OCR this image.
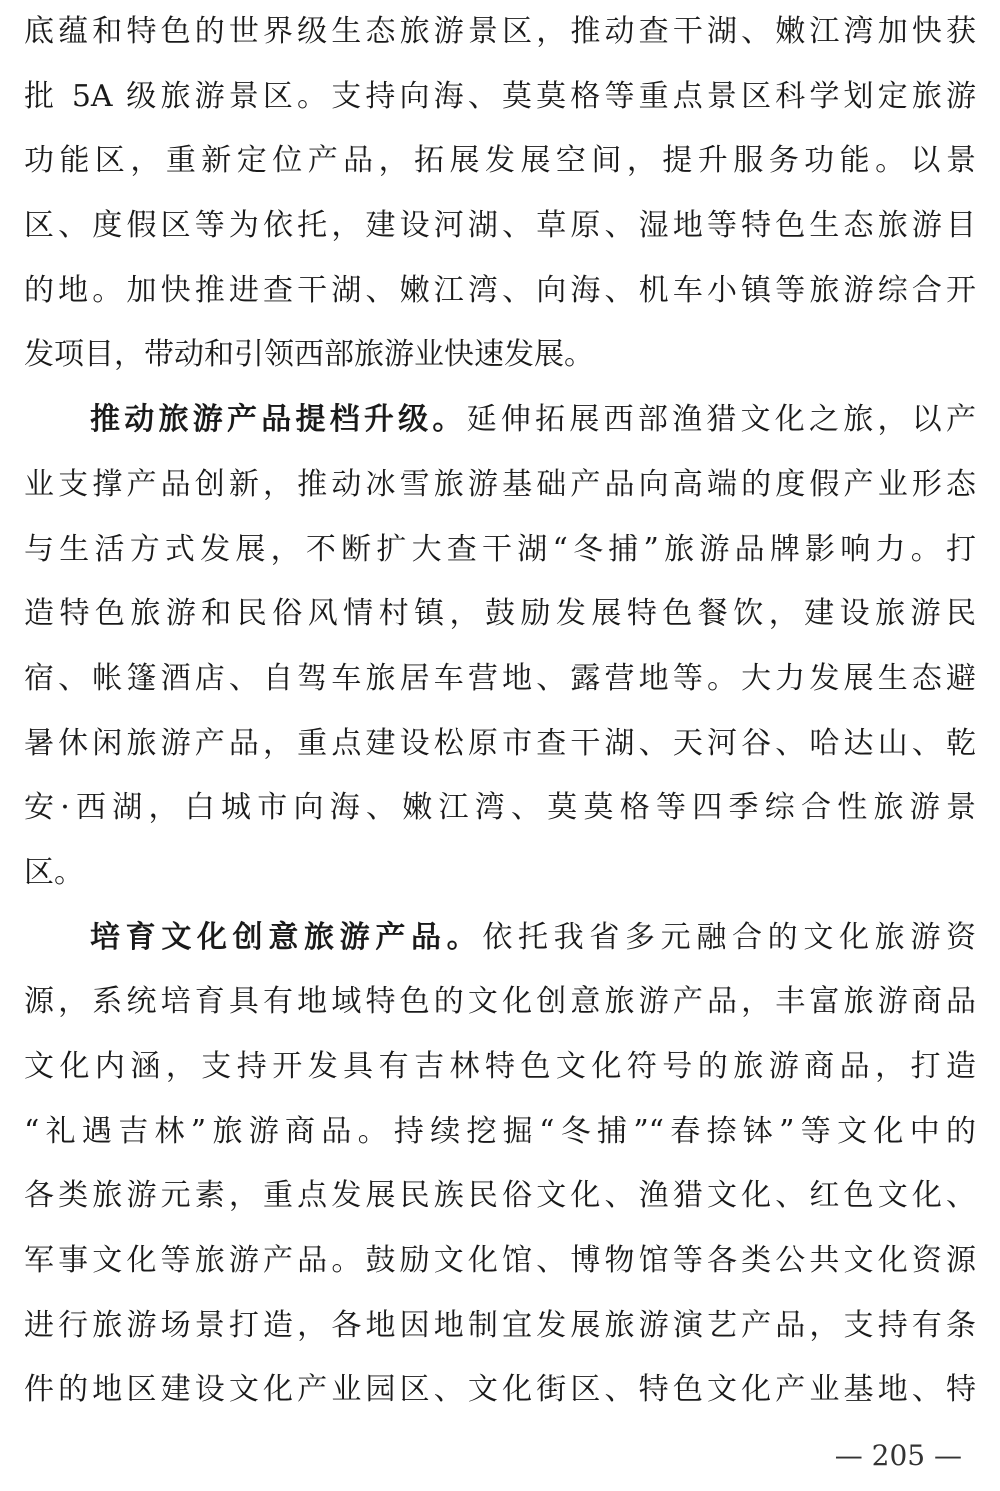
底蕴和特色的世界级生态旅游景区，推动查干湖、嫩江湾加快获
批 5A 级旅游景区。支持向海、莫莫格等重点景区科学划定旅游
功能区，重新定位产品，拓展发展空间，提升服务功能。以景
区、度假区等为依托，建设河湖、草原、湿地等特色生态旅游目
的地。加快推进查干湖、嫩江湾、向海、机车小镇等旅游综合开
发项目，带动和引领西部旅游业快速发展。
推动旅游产品提档升级。延伸拓展西部渔猎文化之旅，以产
业支撑产品创新，推动冰雪旅游基础产品向高端的度假产业形态
与生活方式发展，不断扩大查干湖“冬捕”旅游品牌影响力。打
造特色旅游和民俗风情村镇，鼓励发展特色餐饮，建设旅游民
宿、帐篷酒店、自驾车旅居车营地、露营地等。大力发展生态避
暑休闲旅游产品，重点建设松原市查干湖、天河谷、哈达山、乾
安·西湖，白城市向海、嫩江湾、莫莫格等四季综合性旅游景
区。
培育文化创意旅游产品。依托我省多元融合的文化旅游资
源，系统培育具有地域特色的文化创意旅游产品，丰富旅游商品
文化内涵，支持开发具有吉林特色文化符号的旅游商品，打造
“礼遇吉林”旅游商品。持续挖掘“冬捕”“春捺钵”等文化中的
各类旅游元素，重点发展民族民俗文化、渔猎文化、红色文化、
军事文化等旅游产品。鼓励文化馆、博物馆等各类公共文化资源
进行旅游场景打造，各地因地制宜发展旅游演艺产品，支持有条
件的地区建设文化产业园区、文化街区、特色文化产业基地、特
— 205 —
